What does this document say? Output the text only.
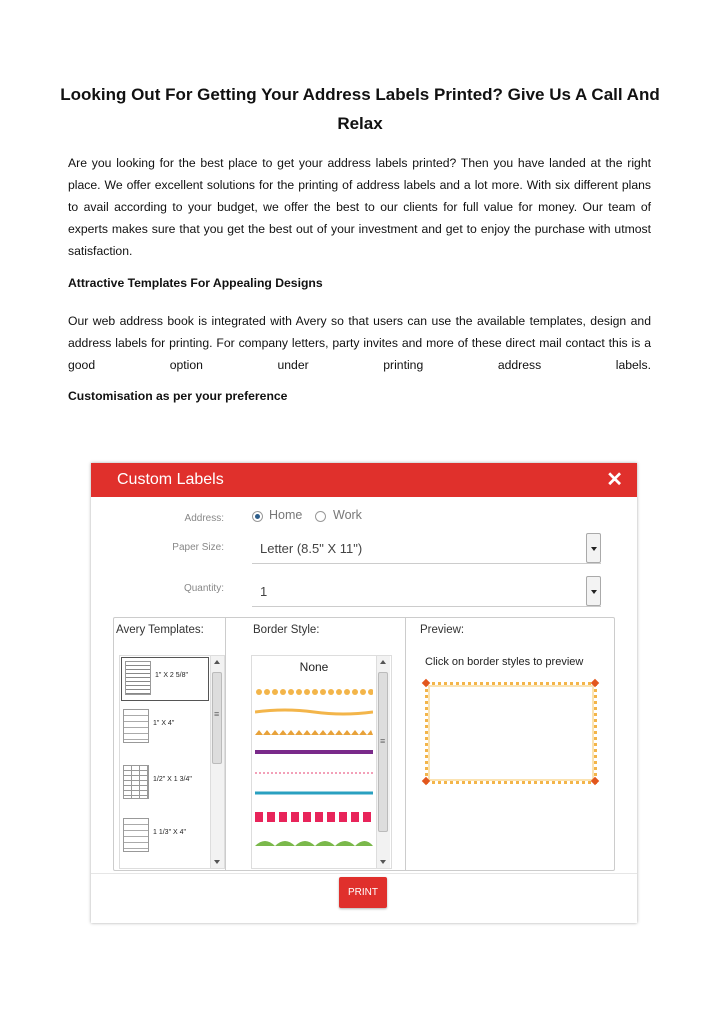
Looking Out For Getting Your Address Labels Printed? Give Us A Call And Relax

Are you looking for the best place to get your address labels printed? Then you have landed at the right place. We offer excellent solutions for the printing of address labels and a lot more. With six different plans to avail according to your budget, we offer the best to our clients for full value for money. Our team of experts makes sure that you get the best out of your investment and get to enjoy the purchase with utmost satisfaction.

Attractive Templates For Appealing Designs

Our web address book is integrated with Avery so that users can use the available templates, design and address labels for printing. For company letters, party invites and more of these direct mail contact this is a good option under printing address labels.

Customisation as per your preference

Custom Labels	✕
Address:	Home Work
Paper Size:	Letter (8.5" X 11")
Quantity:	1
Avery Templates:	Border Style:	Preview:
1" X 2 5/8"
1" X 4"
1/2" X 1 3/4"
1 1/3" X 4"
≡
None
≡	Click on border styles to preview
PRINT
